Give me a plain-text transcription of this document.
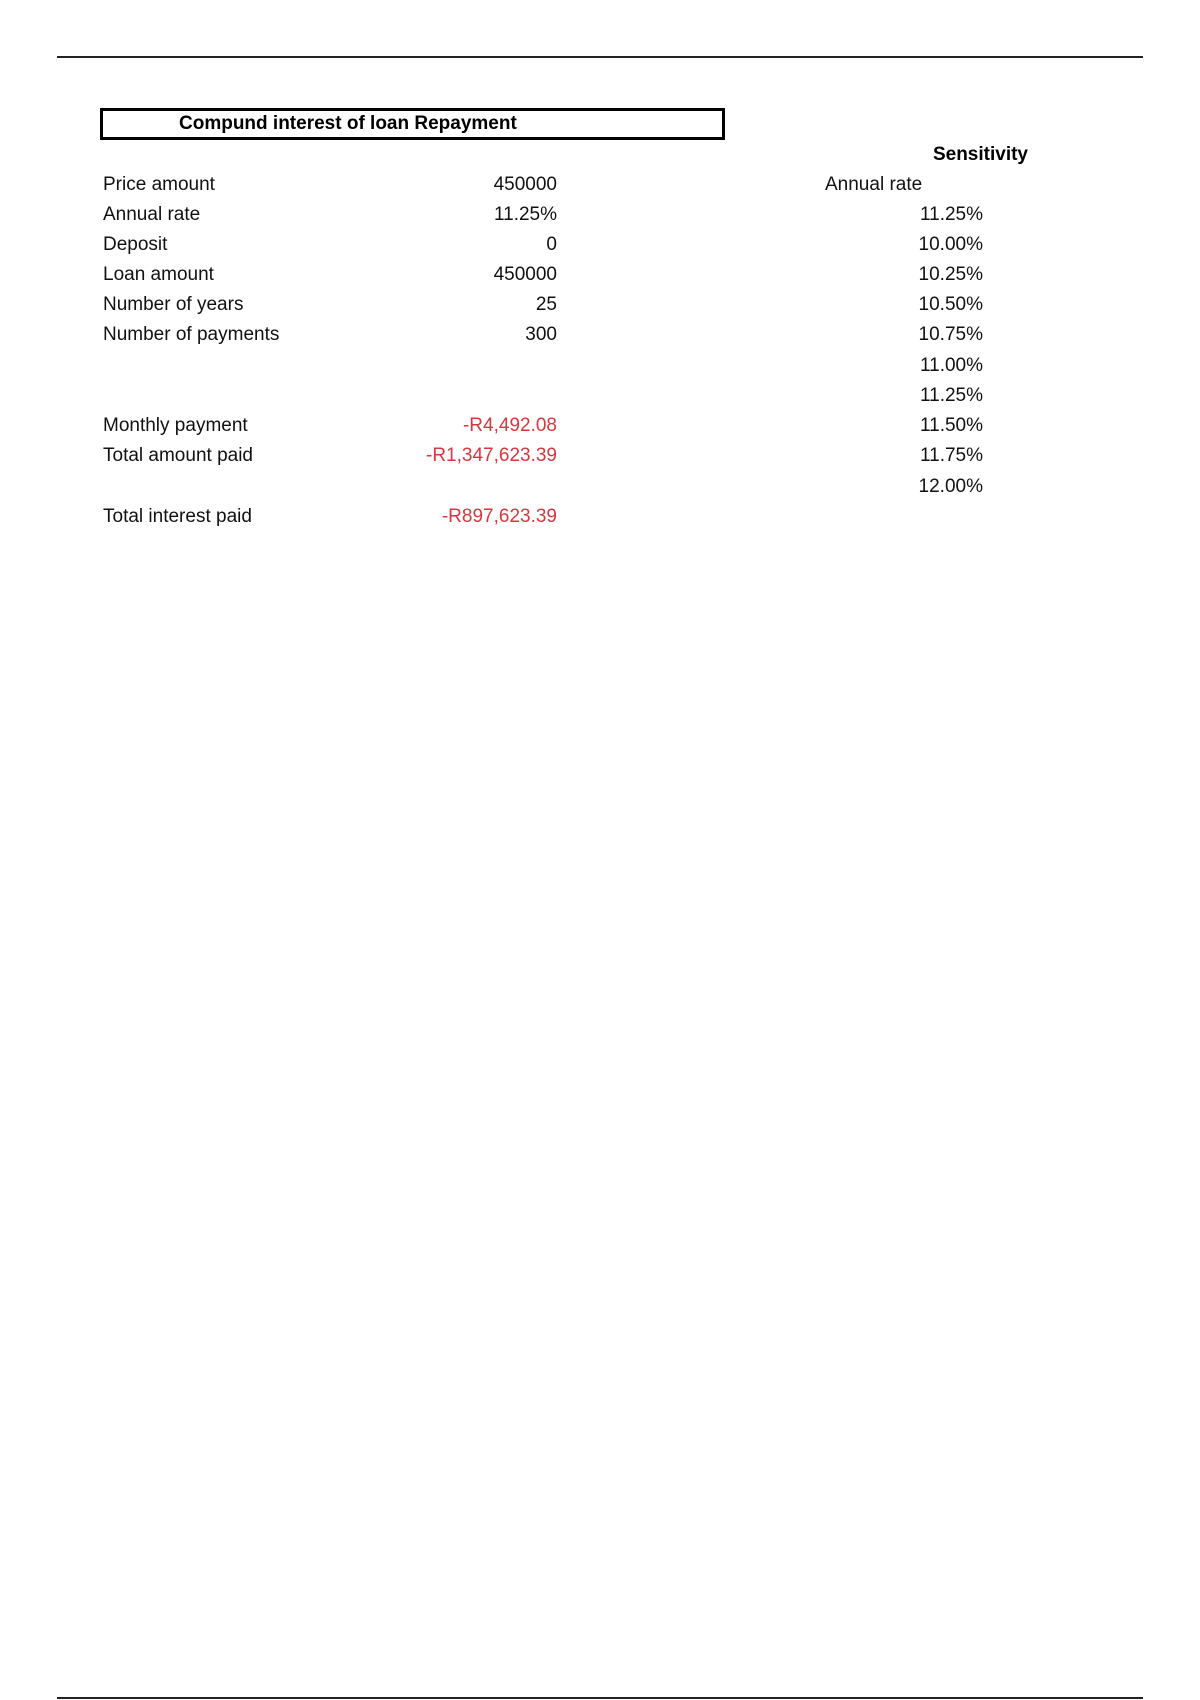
Compund interest of loan Repayment
Price amount	450000
Annual rate	11.25%
Deposit	0
Loan amount	450000
Number of years	25
Number of payments	300
Monthly payment	-R4,492.08
Total amount paid	-R1,347,623.39
Total interest paid	-R897,623.39
Sensitivity
Annual rate
11.25%
10.00%
10.25%
10.50%
10.75%
11.00%
11.25%
11.50%
11.75%
12.00%
